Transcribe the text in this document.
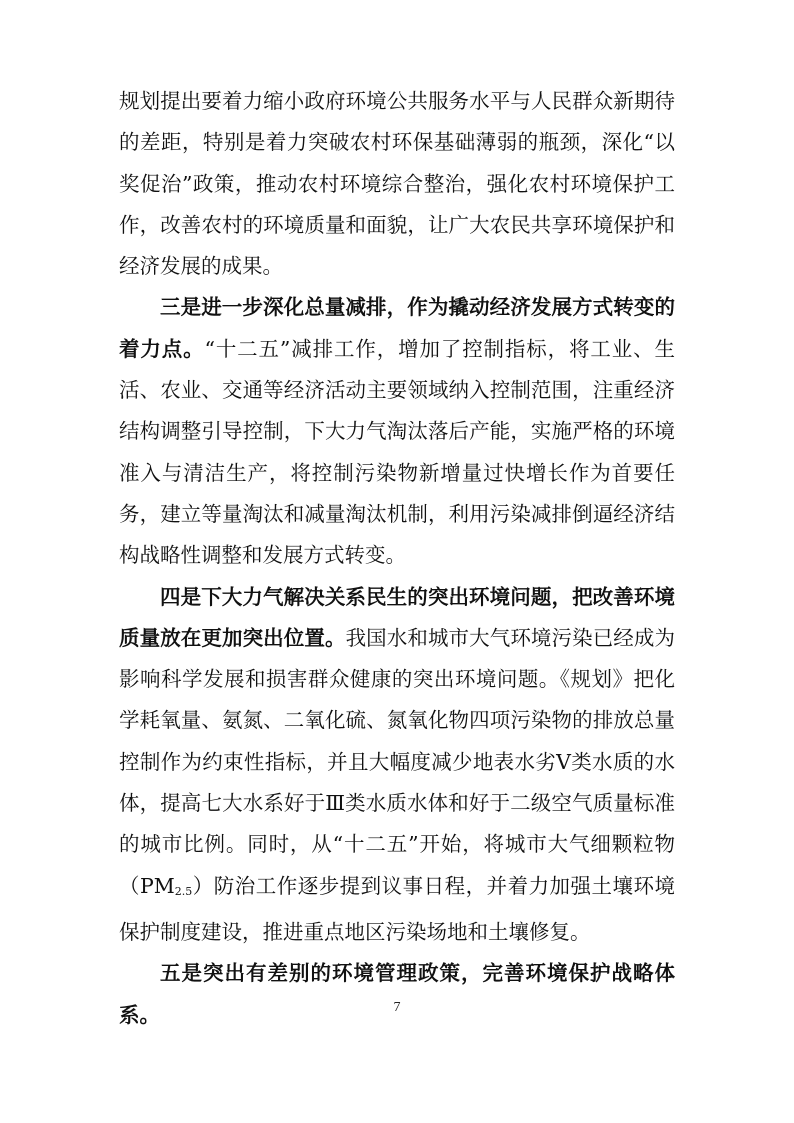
规划提出要着力缩小政府环境公共服务水平与人民群众新期待的差距，特别是着力突破农村环保基础薄弱的瓶颈，深化“以奖促治”政策，推动农村环境综合整治，强化农村环境保护工作，改善农村的环境质量和面貌，让广大农民共享环境保护和经济发展的成果。

三是进一步深化总量减排，作为撬动经济发展方式转变的着力点。“十二五”减排工作，增加了控制指标，将工业、生活、农业、交通等经济活动主要领域纳入控制范围，注重经济结构调整引导控制，下大力气淘汰落后产能，实施严格的环境准入与清洁生产，将控制污染物新增量过快增长作为首要任务，建立等量淘汰和减量淘汰机制，利用污染减排倒逼经济结构战略性调整和发展方式转变。

四是下大力气解决关系民生的突出环境问题，把改善环境质量放在更加突出位置。我国水和城市大气环境污染已经成为影响科学发展和损害群众健康的突出环境问题。《规划》把化学耗氧量、氨氮、二氧化硫、氮氧化物四项污染物的排放总量控制作为约束性指标，并且大幅度减少地表水劣Ⅴ类水质的水体，提高七大水系好于Ⅲ类水质水体和好于二级空气质量标准的城市比例。同时，从“十二五”开始，将城市大气细颗粒物$(PM_{2.5})$防治工作逐步提到议事日程，并着力加强土壤环境保护制度建设，推进重点地区污染场地和土壤修复。

五是突出有差别的环境管理政策，完善环境保护战略体系。	7
